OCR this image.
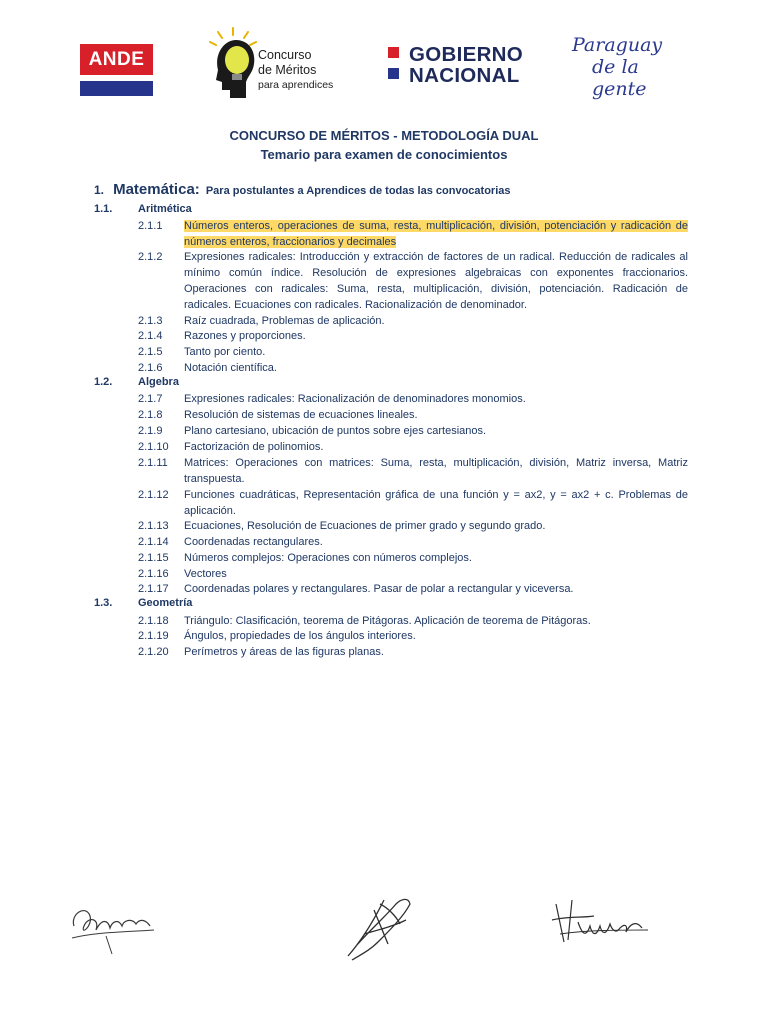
ANDE	Concurso
de Méritos
para aprendices
GOBIERNO
NACIONAL
Paraguay
de la gente
CONCURSO DE MÉRITOS - METODOLOGÍA DUAL
Temario para examen de conocimientos
1. Matemática: Para postulantes a Aprendices de todas las convocatorias
1.1. Aritmética
2.1.1 Números enteros, operaciones de suma, resta, multiplicación, división, potenciación y radicación de números enteros, fraccionarios y decimales
2.1.2 Expresiones radicales: Introducción y extracción de factores de un radical. Reducción de radicales al mínimo común índice. Resolución de expresiones algebraicas con exponentes fraccionarios. Operaciones con radicales: Suma, resta, multiplicación, división, potenciación. Radicación de radicales. Ecuaciones con radicales. Racionalización de denominador.
2.1.3 Raíz cuadrada, Problemas de aplicación.
2.1.4 Razones y proporciones.
2.1.5 Tanto por ciento.
2.1.6 Notación científica.
1.2. Algebra
2.1.7 Expresiones radicales: Racionalización de denominadores monomios.
2.1.8 Resolución de sistemas de ecuaciones lineales.
2.1.9 Plano cartesiano, ubicación de puntos sobre ejes cartesianos.
2.1.10 Factorización de polinomios.
2.1.11 Matrices: Operaciones con matrices: Suma, resta, multiplicación, división, Matriz inversa, Matriz transpuesta.
2.1.12 Funciones cuadráticas, Representación gráfica de una función y = ax2, y = ax2 + c. Problemas de aplicación.
2.1.13 Ecuaciones, Resolución de Ecuaciones de primer grado y segundo grado.
2.1.14 Coordenadas rectangulares.
2.1.15 Números complejos: Operaciones con números complejos.
2.1.16 Vectores
2.1.17 Coordenadas polares y rectangulares. Pasar de polar a rectangular y viceversa.
1.3. Geometría
2.1.18 Triángulo: Clasificación, teorema de Pitágoras. Aplicación de teorema de Pitágoras.
2.1.19 Ángulos, propiedades de los ángulos interiores.
2.1.20 Perímetros y áreas de las figuras planas.
